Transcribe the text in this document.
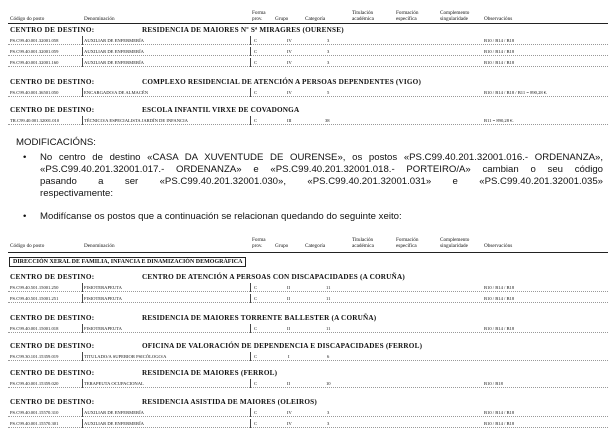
Código do posto	Denominación
Forma
prov. Grupo	Categoría
Titulación
académica
Formación
específica
Complemento
singularidade	Observacións
CENTRO DE DESTINO:	RESIDENCIA DE MAIORES Nº Sª MIRAGRES (OURENSE)
PS.C99.40.001.32001.058	AUXILIAR DE ENFERMERÍA	C	IV	3	B10 / B14 / B18
PS.C99.40.001.32001.059	AUXILIAR DE ENFERMERÍA	C	IV	3	B10 / B14 / B18
PS.C99.40.001.32001.160	AUXILIAR DE ENFERMERÍA	C	IV	3	B10 / B14 / B18
CENTRO DE DESTINO:	COMPLEXO RESIDENCIAL DE ATENCIÓN A PERSOAS DEPENDENTES (VIGO)
PS.C99.40.001.36501.050	ENCARGADO/A DE ALMACÉN	C	IV	5	B10 / B14 / B18 / B11 = 890,28 €.
CENTRO DE DESTINO:	ESCOLA INFANTIL VIRXE DE COVADONGA
TR.C99.40.001.32001.010	TÉCNICO/A ESPECIALISTA JARDÍN DE INFANCIA	C	III	38	B11 = 890,28 €.
MODIFICACIÓNS:
• No centro de destino «CASA DA XUVENTUDE DE OURENSE», os postos «PS.C99.40.201.32001.016.- ORDENANZA»,
«PS.C99.40.201.32001.017.- ORDENANZA» e «PS.C99.40.201.32001.018.- PORTEIRO/A» cambian o seu código
pasando a ser «PS.C99.40.201.32001.030», «PS.C99.40.201.32001.031» e «PS.C99.40.201.32001.035»
respectivamente:
• Modifícanse os postos que a continuación se relacionan quedando do seguinte xeito:
Código do posto	Denominación
Forma
prov. Grupo	Categoría
Titulación
académica
Formación
específica
Complemento
singularidade	Observacións
DIRECCIÓN XERAL DE FAMILIA, INFANCIA E DINAMIZACIÓN DEMOGRÁFICA
CENTRO DE DESTINO:	CENTRO DE ATENCIÓN A PERSOAS CON DISCAPACIDADES (A CORUÑA)
PS.C99.40.501.15001.250	FISIOTERAPEUTA	C	II	11	B10 / B14 / B18
PS.C99.40.501.15001.251	FISIOTERAPEUTA	C	II	11	B10 / B14 / B18
CENTRO DE DESTINO:	RESIDENCIA DE MAIORES TORRENTE BALLESTER (A CORUÑA)
PS.C99.40.001.15001.018	FISIOTERAPEUTA	C	II	11	B10 / B14 / B18
CENTRO DE DESTINO:	OFICINA DE VALORACIÓN DE DEPENDENCIA E DISCAPACIDADES (FERROL)
PS.C99.30.101.15359.019	TITULADO/A SUPERIOR PSICÓLOGO/A	C	I	6
CENTRO DE DESTINO:	RESIDENCIA DE MAIORES (FERROL)
PS.C99.40.001.15359.020	TERAPEUTA OCUPACIONAL	C	II	10	B10 / B18
CENTRO DE DESTINO:	RESIDENCIA ASISTIDA DE MAIORES (OLEIROS)
PS.C99.40.001.15570.310	AUXILIAR DE ENFERMERÍA	C	IV	3	B10 / B14 / B18
PS.C99.40.001.15570.301	AUXILIAR DE ENFERMERÍA	C	IV	3	B10 / B14 / B18
